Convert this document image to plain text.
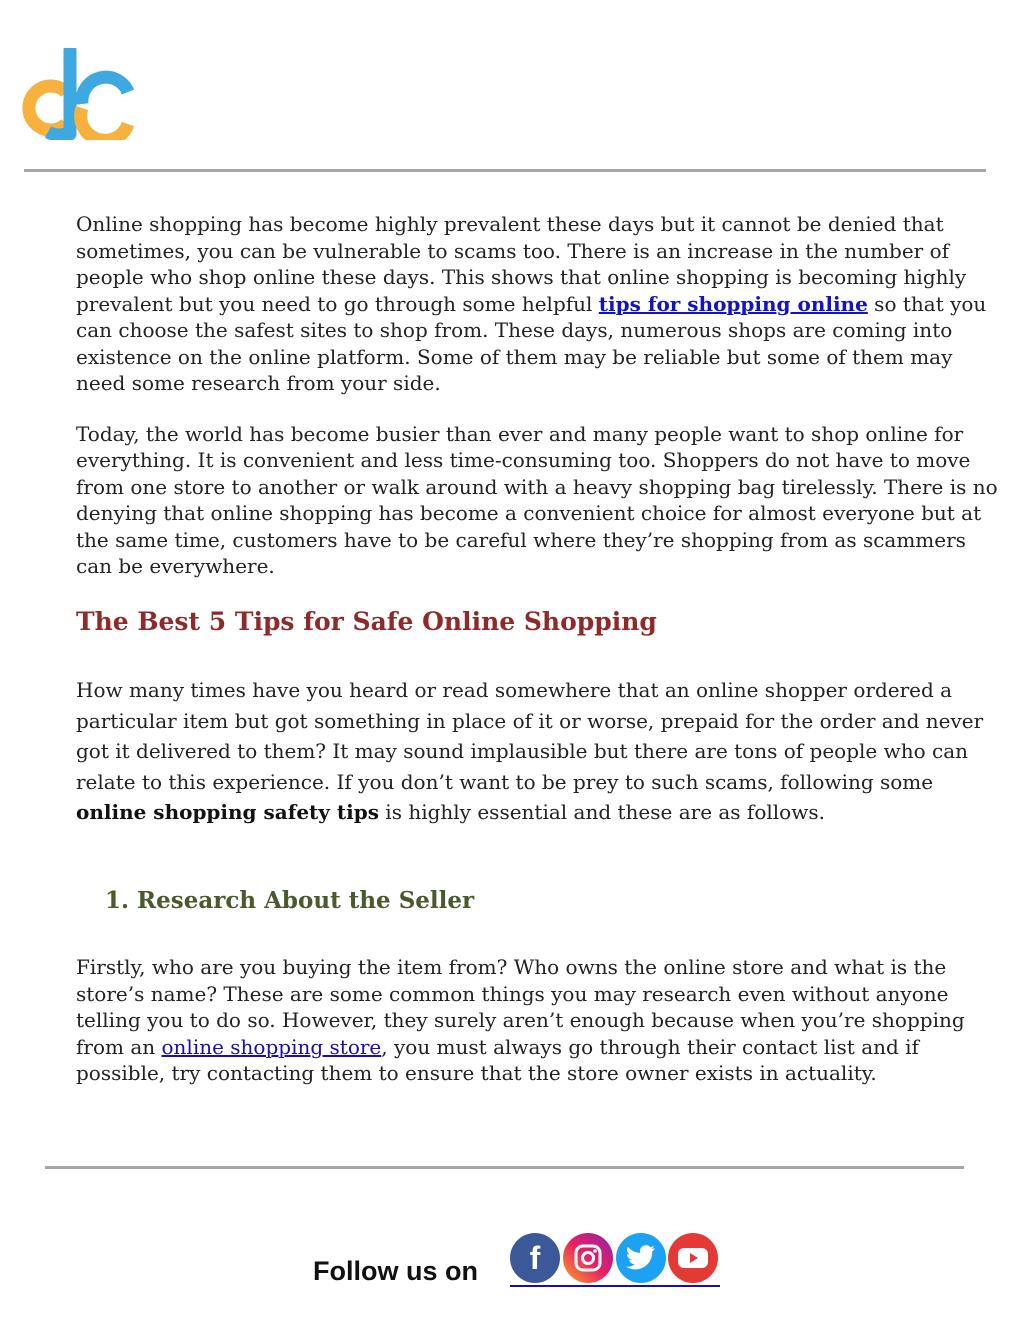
Online shopping has become highly prevalent these days but it cannot be denied that sometimes, you can be vulnerable to scams too. There is an increase in the number of people who shop online these days. This shows that online shopping is becoming highly prevalent but you need to go through some helpful tips for shopping online so that you can choose the safest sites to shop from. These days, numerous shops are coming into existence on the online platform. Some of them may be reliable but some of them may need some research from your side.

Today, the world has become busier than ever and many people want to shop online for everything. It is convenient and less time-consuming too. Shoppers do not have to move from one store to another or walk around with a heavy shopping bag tirelessly. There is no denying that online shopping has become a convenient choice for almost everyone but at the same time, customers have to be careful where they’re shopping from as scammers can be everywhere.

The Best 5 Tips for Safe Online Shopping
How many times have you heard or read somewhere that an online shopper ordered a particular item but got something in place of it or worse, prepaid for the order and never got it delivered to them? It may sound implausible but there are tons of people who can relate to this experience. If you don’t want to be prey to such scams, following some online shopping safety tips is highly essential and these are as follows.
1. Research About the Seller
Firstly, who are you buying the item from? Who owns the online store and what is the store’s name? These are some common things you may research even without anyone telling you to do so. However, they surely aren’t enough because when you’re shopping from an online shopping store, you must always go through their contact list and if possible, try contacting them to ensure that the store owner exists in actuality.
Follow us on f
